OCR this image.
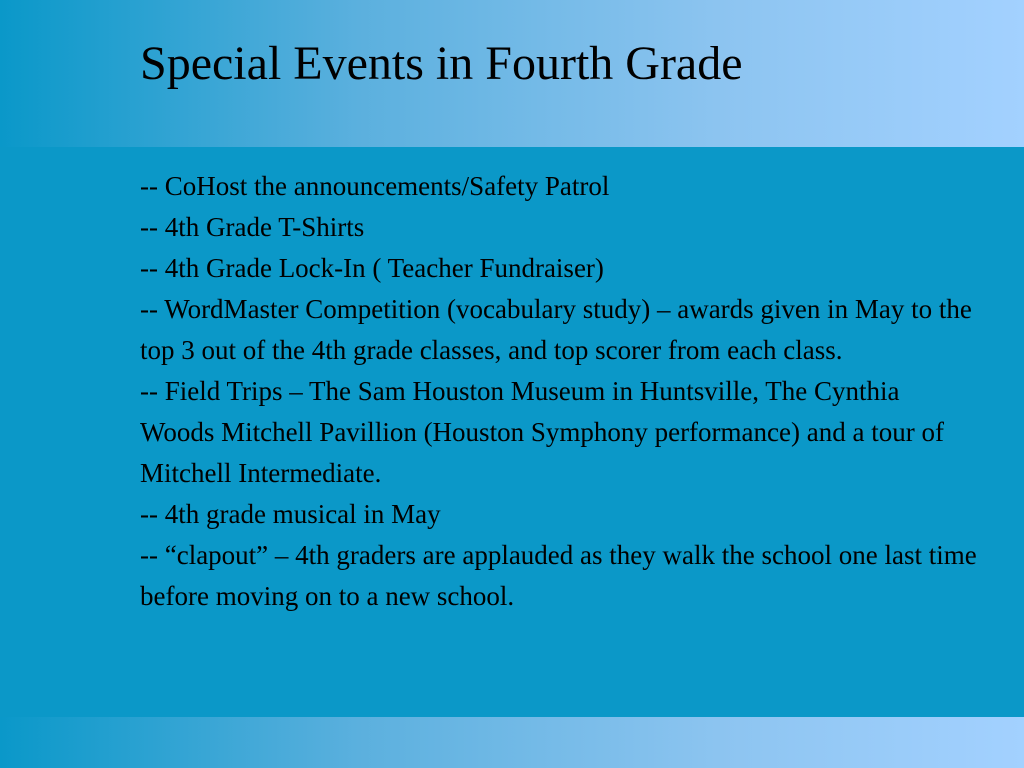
Special Events in Fourth Grade
-- CoHost the announcements/Safety Patrol
-- 4th Grade T-Shirts
-- 4th Grade Lock-In ( Teacher Fundraiser)
-- WordMaster Competition (vocabulary study) – awards given in May to the top 3 out of the 4th grade classes, and top scorer from each class.
-- Field Trips – The Sam Houston Museum in Huntsville, The Cynthia Woods Mitchell Pavillion (Houston Symphony performance) and a tour of Mitchell Intermediate.
-- 4th grade musical in May
-- “clapout” – 4th graders are applauded as they walk the school one last time before moving on to a new school.
